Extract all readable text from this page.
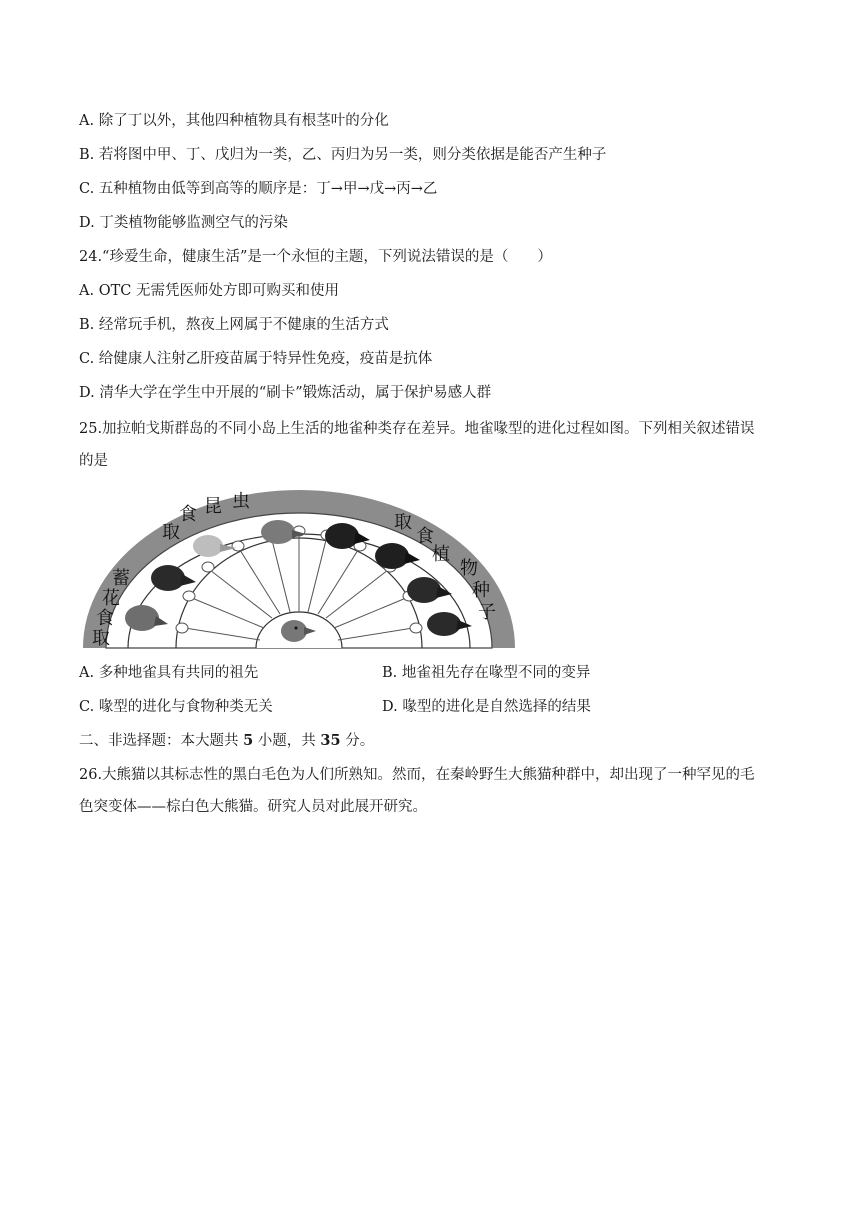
A. 除了丁以外，其他四种植物具有根茎叶的分化
B. 若将图中甲、丁、戊归为一类，乙、丙归为另一类，则分类依据是能否产生种子
C. 五种植物由低等到高等的顺序是：丁→甲→戊→丙→乙
D. 丁类植物能够监测空气的污染
24.“珍爱生命，健康生活”是一个永恒的主题，下列说法错误的是（　　）
A. OTC 无需凭医师处方即可购买和使用
B. 经常玩手机，熬夜上网属于不健康的生活方式
C. 给健康人注射乙肝疫苗属于特异性免疫，疫苗是抗体
D. 清华大学在学生中开展的“刷卡”锻炼活动，属于保护易感人群
25.加拉帕戈斯群岛的不同小岛上生活的地雀种类存在差异。地雀喙型的进化过程如图。下列相关叙述错误
的是
取
食 昆 虫
取
食
植
物
种
子
蓄
花
食
取
A. 多种地雀具有共同的祖先	B. 地雀祖先存在喙型不同的变异
C. 喙型的进化与食物种类无关	D. 喙型的进化是自然选择的结果
二、非选择题：本大题共 5 小题，共 35 分。
26.大熊猫以其标志性的黑白毛色为人们所熟知。然而，在秦岭野生大熊猫种群中，却出现了一种罕见的毛
色突变体——棕白色大熊猫。研究人员对此展开研究。
